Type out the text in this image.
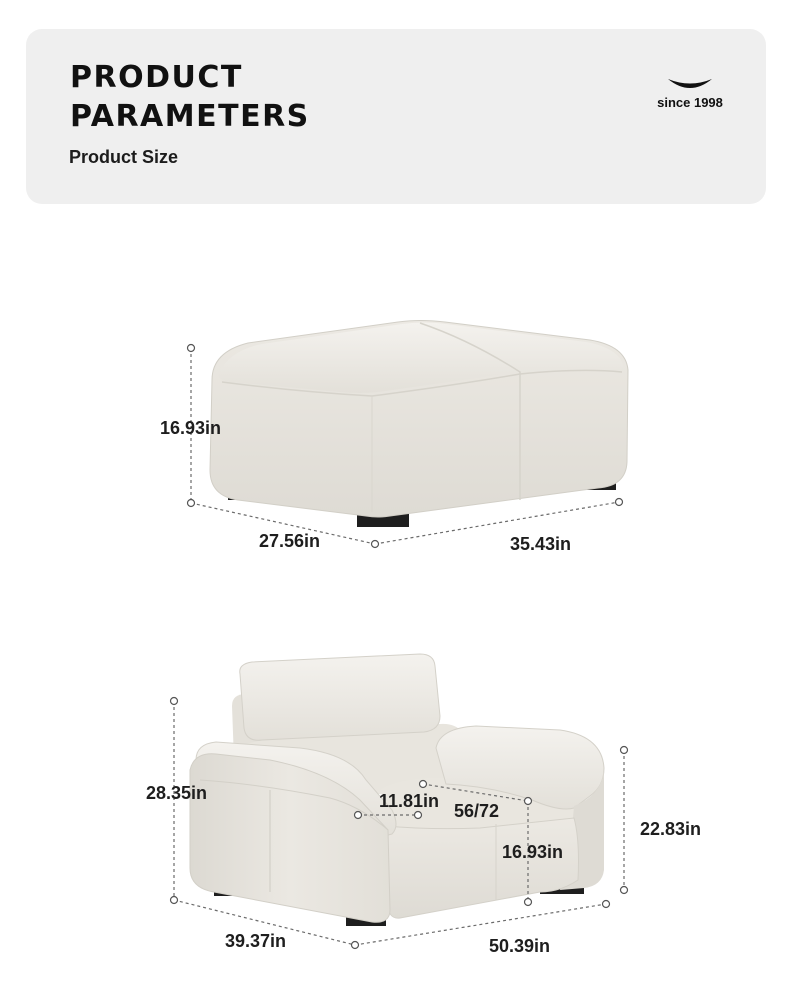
PRODUCT
PARAMETERS
Product Size
since 1998
16.93in
27.56in	35.43in
28.35in	11.81in 56/72
16.93in
22.83in
39.37in	50.39in
